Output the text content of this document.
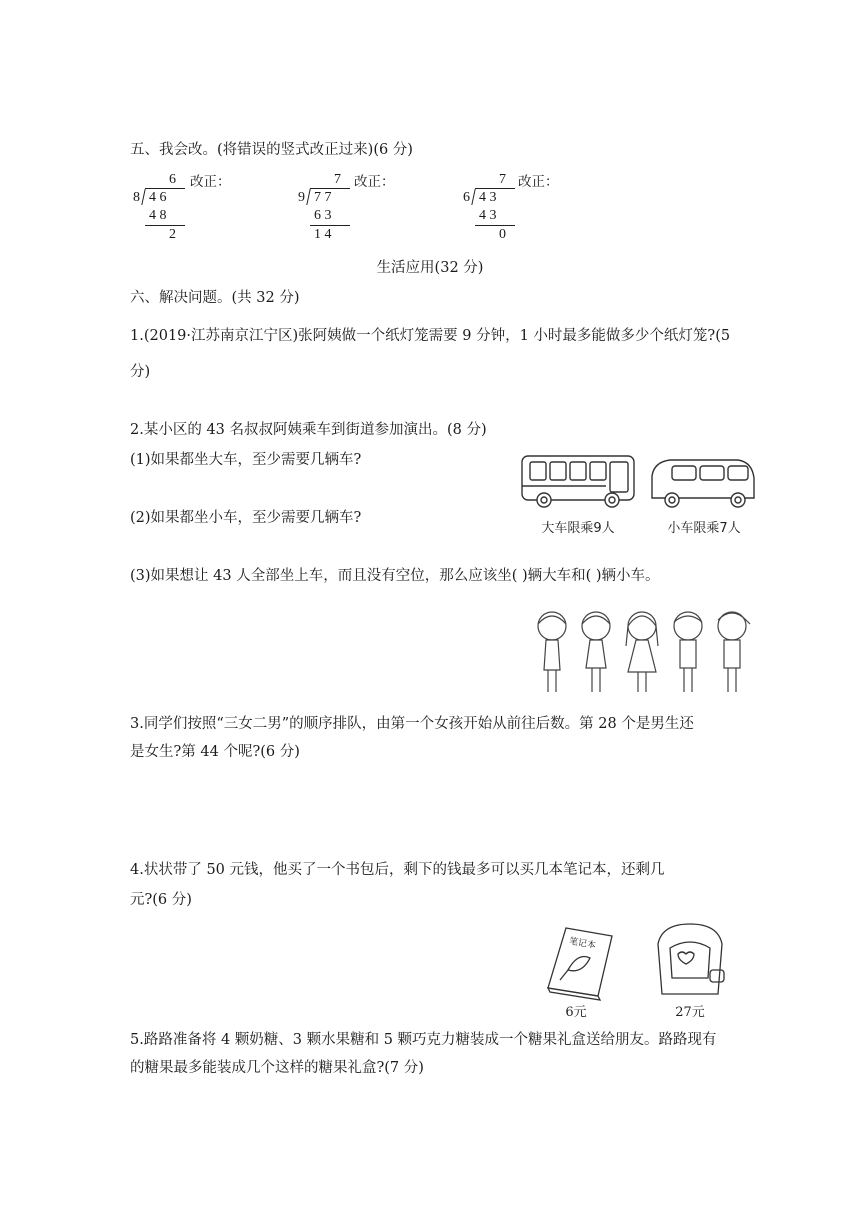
五、我会改。(将错误的竖式改正过来)(6 分)
6
8 4 6
4 8
2
改正：	7
9 7 7
6 3
1 4
改正：	7
6 4 3
4 3
0
改正：
生活应用(32 分)
六、解决问题。(共 32 分)
1.(2019·江苏南京江宁区)张阿姨做一个纸灯笼需要 9 分钟，1 小时最多能做多少个纸灯笼?(5
分)
2.某小区的 43 名叔叔阿姨乘车到街道参加演出。(8 分)
(1)如果都坐大车，至少需要几辆车?
(2)如果都坐小车，至少需要几辆车?
(3)如果想让 43 人全部坐上车，而且没有空位，那么应该坐( )辆大车和( )辆小车。
大车限乘9人	小车限乘7人
3.同学们按照“三女二男”的顺序排队，由第一个女孩开始从前往后数。第 28 个是男生还
是女生?第 44 个呢?(6 分)
4.状状带了 50 元钱，他买了一个书包后，剩下的钱最多可以买几本笔记本，还剩几
元?(6 分)
笔记本
6元	27元
5.路路准备将 4 颗奶糖、3 颗水果糖和 5 颗巧克力糖装成一个糖果礼盒送给朋友。路路现有
的糖果最多能装成几个这样的糖果礼盒?(7 分)
